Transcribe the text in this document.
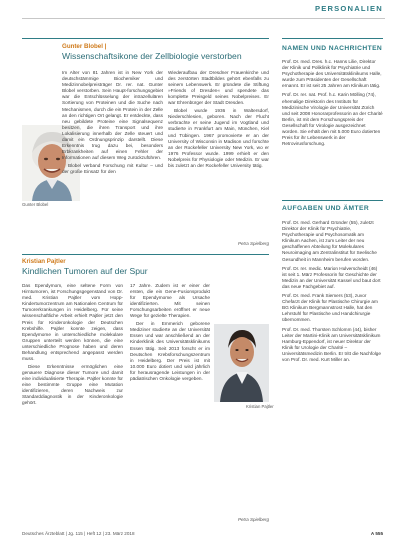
PERSONALIEN
Gunter Blobel |
Wissenschaftsikone der Zellbiologie verstorben
Gunter Blobel

Im Alter von 81 Jahren ist in New York der deutschstämmige Biochemiker und Medizinnobelpreisträger Dr. rer. nat. Gunter Blobel verstorben. Sein Haupt-forschungsgebiet war die Entschlüsselung der intrazellulären Sortierung von Proteinen und die Suche nach Mechanismen, durch die ein Protein in der Zelle an den richtigen Ort gelangt. Er entdeckte, dass neu gebildete Proteine eine Signalsequenz besitzen, die ihren Transport und ihre Lokalisierung innerhalb der Zelle steuert und damit ein Ordnungsprinzip darstellt. Diese Erkenntnis trug dazu bei, besonders Erbkrankheiten auf einen Fehler der Informationen auf diesem Weg zurückzuführen.

Blobel verband Forschung mit Kultur – und der große Einsatz für den

Wiederaufbau der Dresdner Frauenkirche und des zerstörten Stadtbildes gehört ebenfalls zu seinem Lebenswerk. Er gründete die Stiftung »Friends of Dresden« und spendete das komplette Preisgeld seines Nobelpreises. Er war Ehrenbürger der Stadt Dresden.

Blobel wurde 1936 in Waltersdorf, Niederschlesien, geboren. Nach der Flucht verbrachte er seine Jugend im Vogtland und studierte in Frankfurt am Main, München, Kiel und Tübingen. 1967 promovierte er an der University of Wisconsin in Madison und forschte an der Rockefeller University New York, wo er 1976 Professor wurde. 1999 erhielt er den Nobelpreis für Physiologie oder Medizin. Er war bis zuletzt an der Rockefeller University tätig.

Petra Spielberg
Kristian Pajtler
Kindlichen Tumoren auf der Spur

Das Ependymom, eine seltene Form von Hirntumoren, ist Forschungsgegenstand von Dr. med. Kristian Pajtler vom Hopp-Kindertumorzentrum am Nationalen Centrum für Tumorerkrankungen in Heidelberg. Für seine wissenschaftliche Arbeit erhielt Pajtler jetzt den Preis für Kinderonkologie der Deutschen Krebshilfe. Pajtler konnte zeigen, dass Ependymome in unterschiedliche molekulare Gruppen unterteilt werden können, die eine unterschiedliche Prognose haben und deren Behandlung entsprechend angepasst werden muss.

Diese Erkenntnisse ermöglichen eine genauere Diagnose dieser Tumore und damit eine individualisierte Therapie. Pajtler konnte für eine bestimmte Gruppe eine Mutation identifizieren, deren Nachweis zur Standarddiagnostik in der Kinderonkologie gehört.

17 Jahre. Zudem ist er einer der ersten, die ein Gene-Fusionsprodukt für Ependymome als Ursache identifizierten. Mit seinen Forschungsarbeiten eröffnet er neue Wege für gezielte Therapien.

Der in Emmerich geborene Mediziner studierte an der Universität Essen und war anschließend an der Kinderklinik des Universitätsklinikums Essen tätig. Seit 2013 forscht er im Deutschen Krebsforschungszentrum in Heidelberg. Der Preis ist mit 10.000 Euro dotiert und wird jährlich für herausragende Leistungen in der pädiatrischen Onkologie vergeben.

Petra Spielberg
Kristian Pajtler
NAMEN UND NACHRICHTEN

Prof. Dr. med. Dres. h.c. Hanns Lilie, Direktor der Klinik und Poliklinik für Psychiatrie und Psychotherapie des Universitätsklinikums Halle, wurde zum Präsidenten der Gesellschaft ernannt. Er ist seit 25 Jahren am Klinikum tätig.

Prof. Dr. rer. nat. Prof. h.c. Karin Mölling (74), ehemalige Direktorin des Instituts für Medizinische Virologie der Universität Zürich und seit 2008 Honorarprofessorin an der Charité Berlin, ist mit dem Forschungspreis der Gesellschaft für Virologie ausgezeichnet worden. Sie erhält den mit 5.000 Euro dotierten Preis für ihr Lebenswerk in der Retrovirusforschung.

AUFGABEN UND ÄMTER

Prof. Dr. med. Gerhard Gründer (55), zuletzt Direktor der Klinik für Psychiatrie, Psychotherapie und Psychosomatik am Klinikum Aachen, ist zum Leiter der neu geschaffenen Abteilung für Molekulares Neuroimaging am Zentralinstitut für Seelische Gesundheit in Mannheim berufen worden.

Prof. Dr. rer. medic. Marion Hulverscheidt (46) ist seit 1. März Professorin für Geschichte der Medizin an der Universität Kassel und baut dort das neue Fachgebiet auf.

Prof. Dr. med. Frank Siemers (53), zuvor Chefarzt der Klinik für Plastische Chirurgie am BG Klinikum Bergmannstrost Halle, hat den Lehrstuhl für Plastische und Handchirurgie übernommen.

Prof. Dr. med. Thorsten Schlomm (44), bisher Leiter der Martini-Klinik am Universitätsklinikum Hamburg-Eppendorf, ist neuer Direktor der Klinik für Urologie der Charité – Universitätsmedizin Berlin. Er tritt die Nachfolge von Prof. Dr. med. Kurt Miller an.

Deutsches Ärzteblatt | Jg. 115 | Heft 12 | 23. März 2018	A 555
